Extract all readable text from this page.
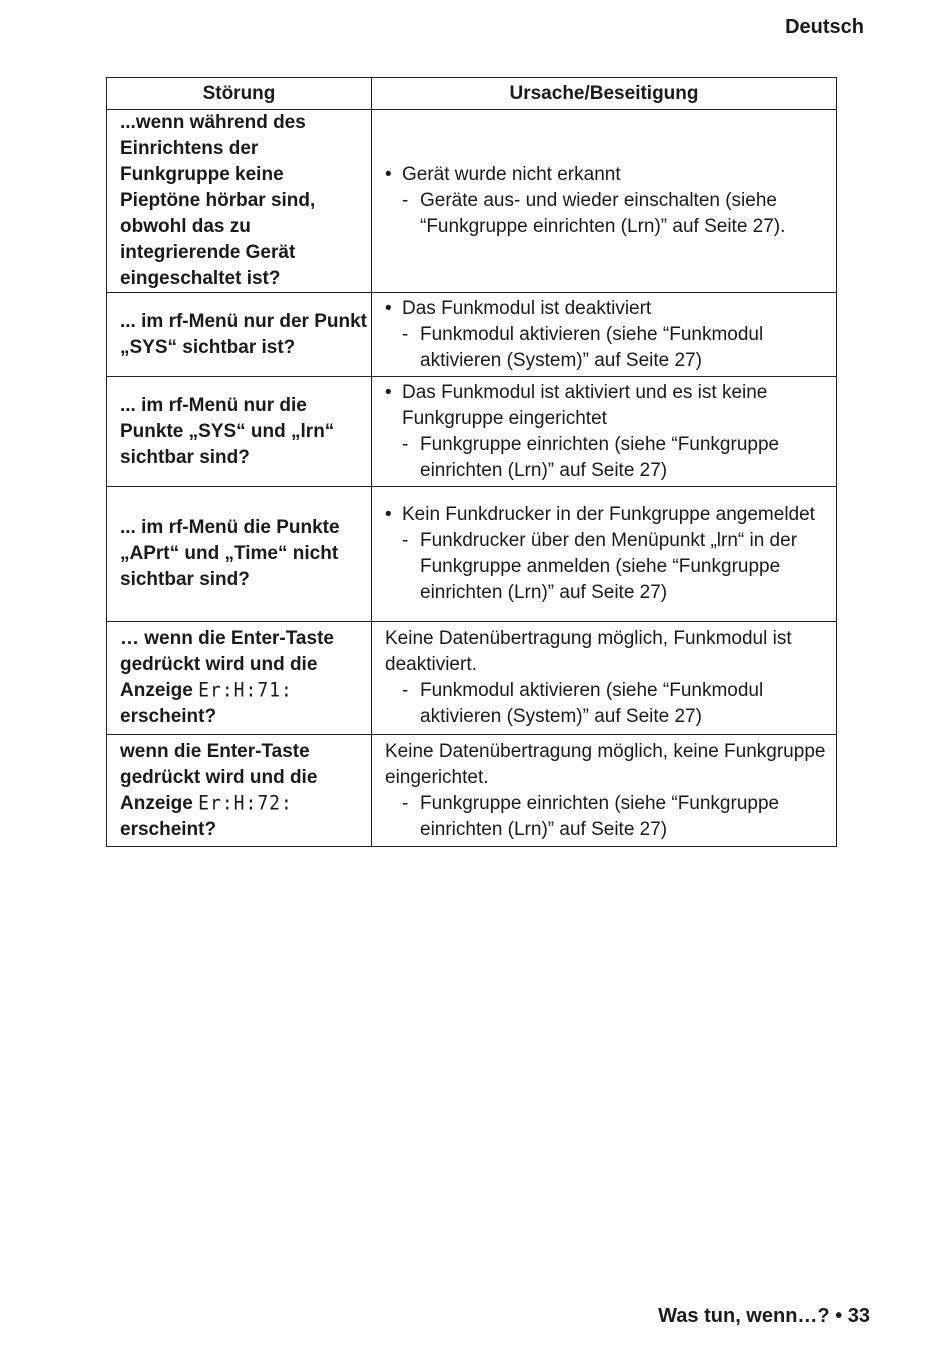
Deutsch
Störung	Ursache/Beseitigung

...wenn während des Einrichtens der Funkgruppe keine Pieptöne hörbar sind, obwohl das zu integrierende Gerät eingeschaltet ist?	• Gerät wurde nicht erkannt
- Geräte aus- und wieder einschalten (siehe “Funkgruppe einrichten (Lrn)” auf Seite 27).

... im rf-Menü nur der Punkt „SYS“ sichtbar ist?	• Das Funkmodul ist deaktiviert
- Funkmodul aktivieren (siehe “Funkmodul aktivieren (System)” auf Seite 27)

... im rf-Menü nur die Punkte „SYS“ und „lrn“ sichtbar sind?	• Das Funkmodul ist aktiviert und es ist keine Funkgruppe eingerichtet
- Funkgruppe einrichten (siehe “Funkgruppe einrichten (Lrn)” auf Seite 27)

... im rf-Menü die Punkte „APrt“ und „Time“ nicht sichtbar sind?	• Kein Funkdrucker in der Funkgruppe angemeldet
- Funkdrucker über den Menüpunkt „lrn“ in der Funkgruppe anmelden (siehe “Funkgruppe einrichten (Lrn)” auf Seite 27)

… wenn die Enter-Taste gedrückt wird und die Anzeige Er:H:71: erscheint?	Keine Datenübertragung möglich, Funkmodul ist deaktiviert.
- Funkmodul aktivieren (siehe “Funkmodul aktivieren (System)” auf Seite 27)

wenn die Enter-Taste gedrückt wird und die Anzeige Er:H:72: erscheint?	Keine Datenübertragung möglich, keine Funkgruppe eingerichtet.
- Funkgruppe einrichten (siehe “Funkgruppe einrichten (Lrn)” auf Seite 27)
Was tun, wenn…? • 33
